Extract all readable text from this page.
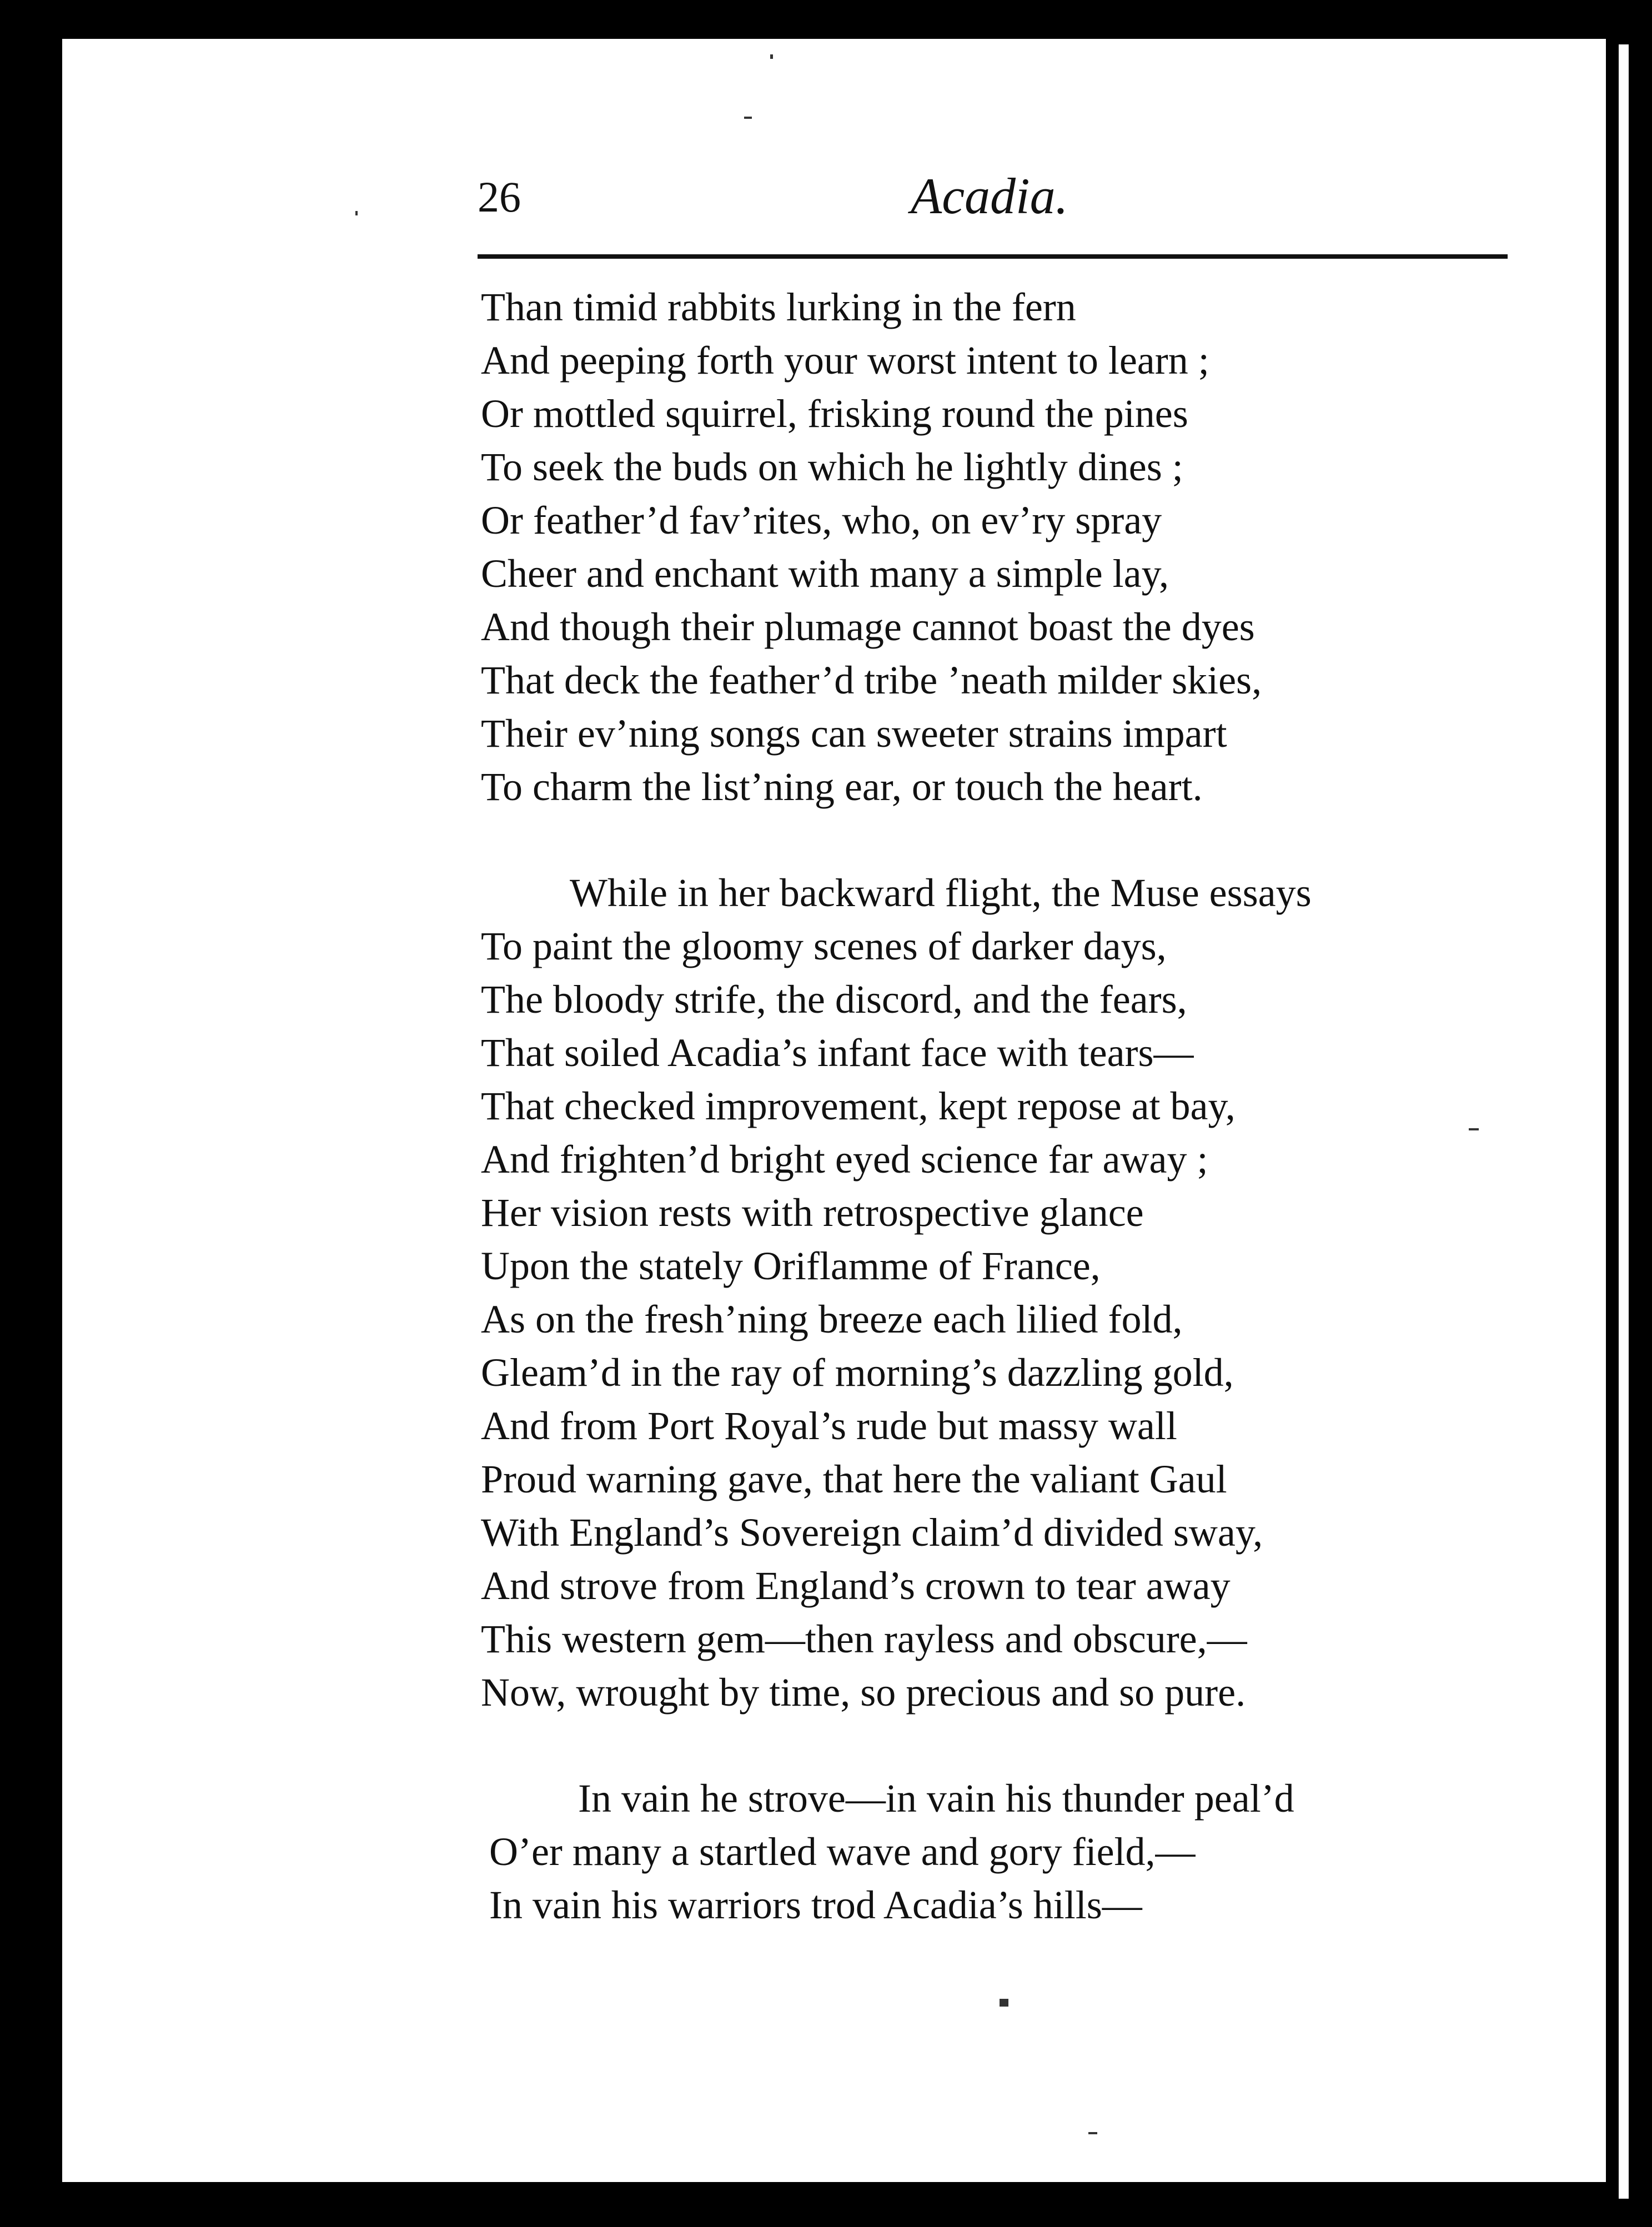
26	Acadia.
Than timid rabbits lurking in the fern
And peeping forth your worst intent to learn ;
Or mottled squirrel, frisking round the pines
To seek the buds on which he lightly dines ;
Or feather’d fav’rites, who, on ev’ry spray
Cheer and enchant with many a simple lay,
And though their plumage cannot boast the dyes
That deck the feather’d tribe ’neath milder skies,
Their ev’ning songs can sweeter strains impart
To charm the list’ning ear, or touch the heart.
While in her backward flight, the Muse essays
To paint the gloomy scenes of darker days,
The bloody strife, the discord, and the fears,
That soiled Acadia’s infant face with tears—
That checked improvement, kept repose at bay,
And frighten’d bright eyed science far away ;
Her vision rests with retrospective glance
Upon the stately Oriflamme of France,
As on the fresh’ning breeze each lilied fold,
Gleam’d in the ray of morning’s dazzling gold,
And from Port Royal’s rude but massy wall
Proud warning gave, that here the valiant Gaul
With England’s Sovereign claim’d divided sway,
And strove from England’s crown to tear away
This western gem—then rayless and obscure,—
Now, wrought by time, so precious and so pure.
In vain he strove—in vain his thunder peal’d
O’er many a startled wave and gory field,—
In vain his warriors trod Acadia’s hills—
